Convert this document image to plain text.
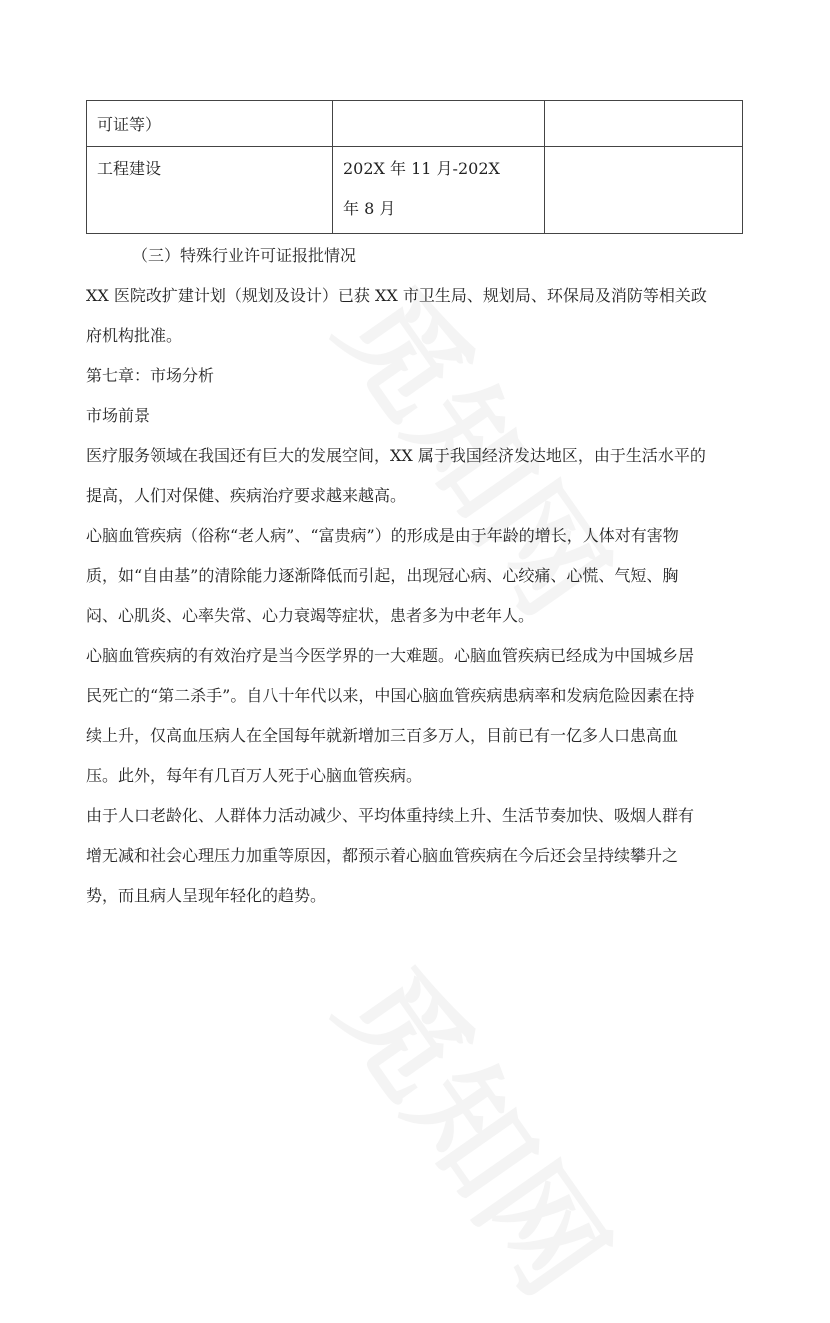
可证等）		

工程建设	202X 年 11 月-202X 年 8 月	

（三）特殊行业许可证报批情况

XX 医院改扩建计划（规划及设计）已获 XX 市卫生局、规划局、环保局及消防等相关政府机构批准。

第七章：市场分析

市场前景

医疗服务领域在我国还有巨大的发展空间，XX 属于我国经济发达地区，由于生活水平的提高，人们对保健、疾病治疗要求越来越高。

心脑血管疾病（俗称“老人病”、“富贵病”）的形成是由于年龄的增长，人体对有害物质，如“自由基”的清除能力逐渐降低而引起，出现冠心病、心绞痛、心慌、气短、胸闷、心肌炎、心率失常、心力衰竭等症状，患者多为中老年人。

心脑血管疾病的有效治疗是当今医学界的一大难题。心脑血管疾病已经成为中国城乡居民死亡的“第二杀手”。自八十年代以来，中国心脑血管疾病患病率和发病危险因素在持续上升，仅高血压病人在全国每年就新增加三百多万人，目前已有一亿多人口患高血压。此外，每年有几百万人死于心脑血管疾病。

由于人口老龄化、人群体力活动减少、平均体重持续上升、生活节奏加快、吸烟人群有增无减和社会心理压力加重等原因，都预示着心脑血管疾病在今后还会呈持续攀升之势，而且病人呈现年轻化的趋势。
